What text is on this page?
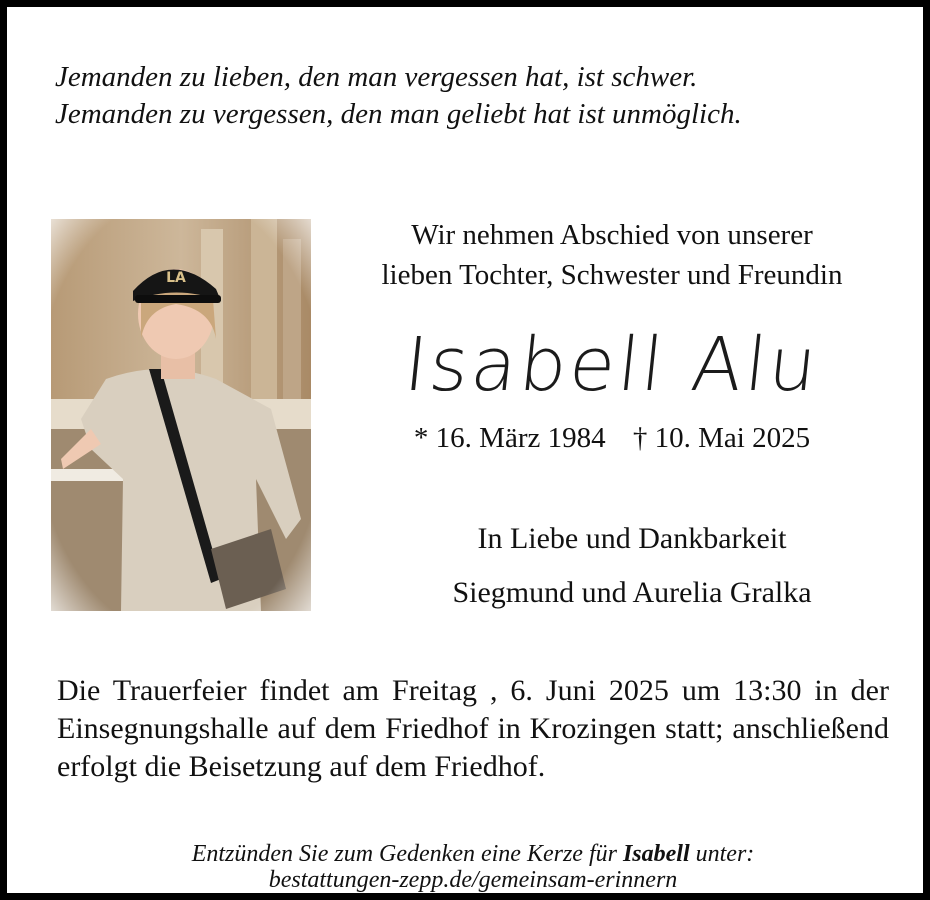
Jemanden zu lieben, den man vergessen hat, ist schwer.
Jemanden zu vergessen, den man geliebt hat ist unmöglich.
Wir nehmen Abschied von unserer
lieben Tochter, Schwester und Freundin
Isabell Alu
* 16. März 1984 † 10. Mai 2025
In Liebe und Dankbarkeit
Siegmund und Aurelia Gralka
Die Trauerfeier findet am Freitag , 6. Juni 2025 um 13:30 in der Einsegnungshalle auf dem Friedhof in Krozingen statt; anschließend erfolgt die Beisetzung auf dem Friedhof.
Entzünden Sie zum Gedenken eine Kerze für Isabell unter:
bestattungen-zepp.de/gemeinsam-erinnern
